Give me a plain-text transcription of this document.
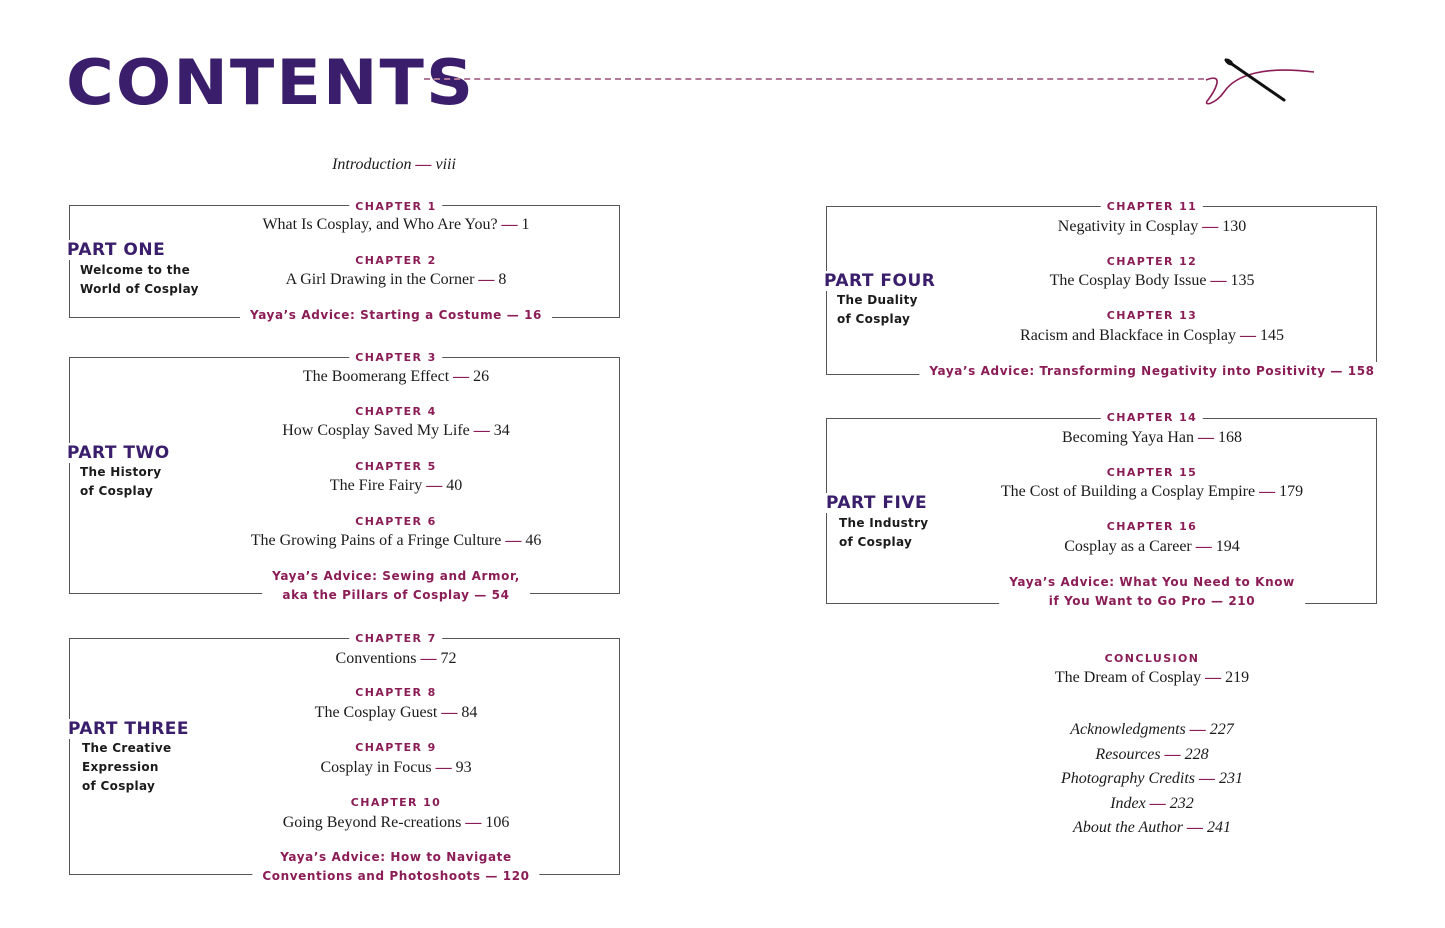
CONTENTS
Introduction — viii
PART ONE
Welcome to the
World of Cosplay
CHAPTER 1
What Is Cosplay, and Who Are You? — 1
CHAPTER 2
A Girl Drawing in the Corner — 8
Yaya’s Advice: Starting a Costume — 16
PART TWO
The History
of Cosplay
CHAPTER 3
The Boomerang Effect — 26
CHAPTER 4
How Cosplay Saved My Life — 34
CHAPTER 5
The Fire Fairy — 40
CHAPTER 6
The Growing Pains of a Fringe Culture — 46
Yaya’s Advice: Sewing and Armor,
aka the Pillars of Cosplay — 54
PART THREE
The Creative
Expression
of Cosplay
CHAPTER 7
Conventions — 72
CHAPTER 8
The Cosplay Guest — 84
CHAPTER 9
Cosplay in Focus — 93
CHAPTER 10
Going Beyond Re-creations — 106
Yaya’s Advice: How to Navigate
Conventions and Photoshoots — 120
PART FOUR
The Duality
of Cosplay
CHAPTER 11
Negativity in Cosplay — 130
CHAPTER 12
The Cosplay Body Issue — 135
CHAPTER 13
Racism and Blackface in Cosplay — 145
Yaya’s Advice: Transforming Negativity into Positivity — 158
PART FIVE
The Industry
of Cosplay
CHAPTER 14
Becoming Yaya Han — 168
CHAPTER 15
The Cost of Building a Cosplay Empire — 179
CHAPTER 16
Cosplay as a Career — 194
Yaya’s Advice: What You Need to Know
if You Want to Go Pro — 210
CONCLUSION
The Dream of Cosplay — 219
Acknowledgments — 227
Resources — 228
Photography Credits — 231
Index — 232
About the Author — 241
